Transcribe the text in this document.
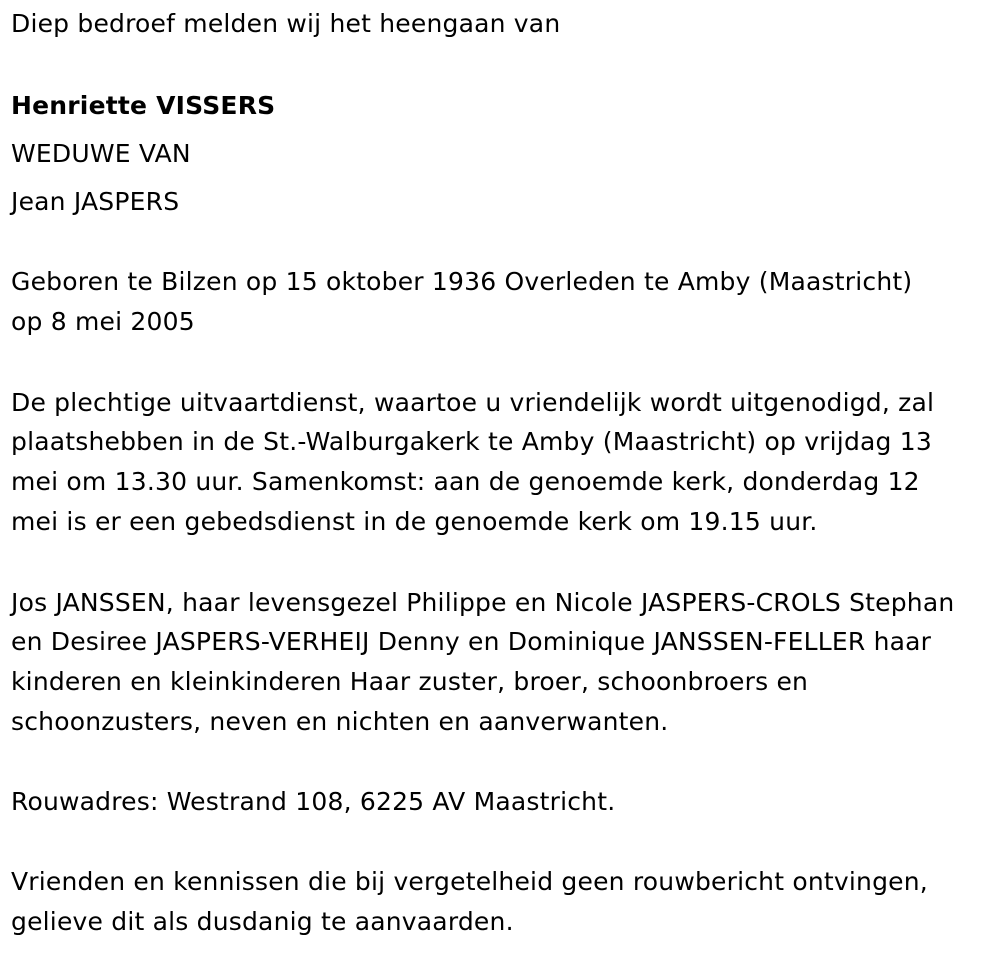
Diep bedroef melden wij het heengaan van
Henriette VISSERS
WEDUWE VAN
Jean JASPERS
Geboren te Bilzen op 15 oktober 1936 Overleden te Amby (Maastricht)
op 8 mei 2005
De plechtige uitvaartdienst, waartoe u vriendelijk wordt uitgenodigd, zal
plaatshebben in de St.-Walburgakerk te Amby (Maastricht) op vrijdag 13
mei om 13.30 uur. Samenkomst: aan de genoemde kerk, donderdag 12
mei is er een gebedsdienst in de genoemde kerk om 19.15 uur.
Jos JANSSEN, haar levensgezel Philippe en Nicole JASPERS-CROLS Stephan
en Desiree JASPERS-VERHEIJ Denny en Dominique JANSSEN-FELLER haar
kinderen en kleinkinderen Haar zuster, broer, schoonbroers en
schoonzusters, neven en nichten en aanverwanten.
Rouwadres: Westrand 108, 6225 AV Maastricht.
Vrienden en kennissen die bij vergetelheid geen rouwbericht ontvingen,
gelieve dit als dusdanig te aanvaarden.
